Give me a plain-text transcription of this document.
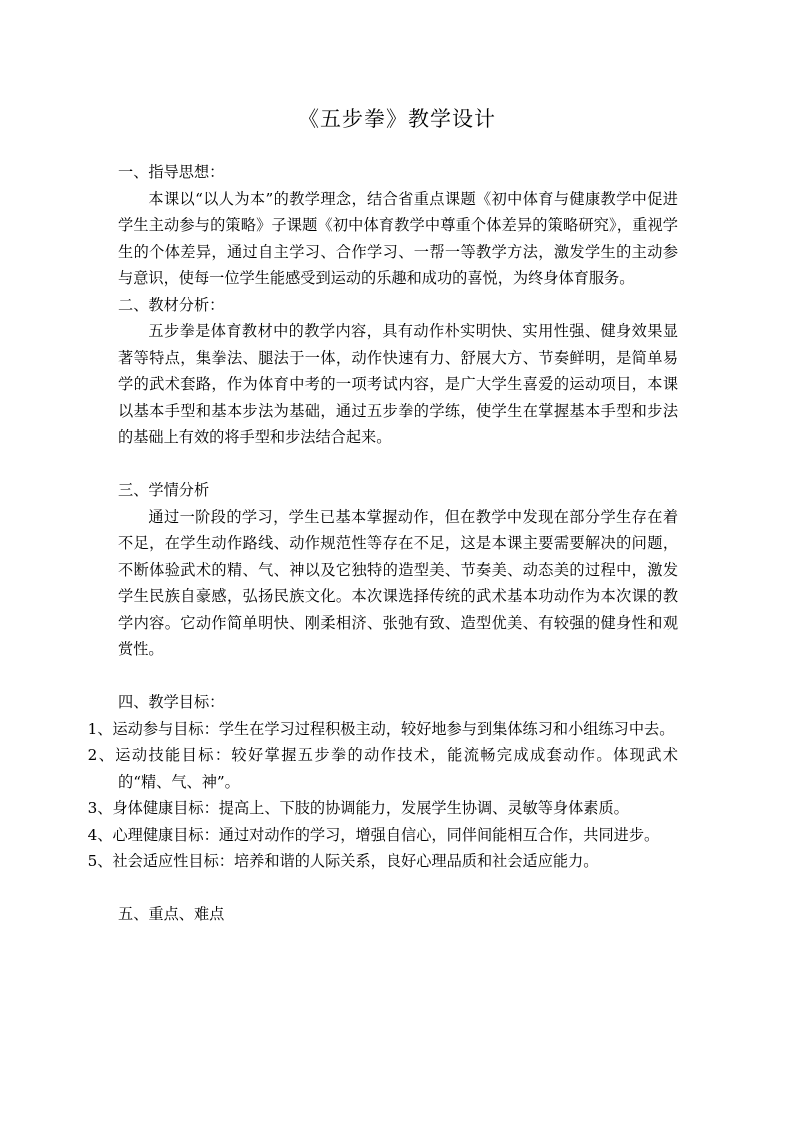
《五步拳》教学设计

一、指导思想：

本课以“以人为本”的教学理念，结合省重点课题《初中体育与健康教学中促进学生主动参与的策略》子课题《初中体育教学中尊重个体差异的策略研究》，重视学生的个体差异，通过自主学习、合作学习、一帮一等教学方法，激发学生的主动参与意识，使每一位学生能感受到运动的乐趣和成功的喜悦，为终身体育服务。

二、教材分析：

五步拳是体育教材中的教学内容，具有动作朴实明快、实用性强、健身效果显著等特点，集拳法、腿法于一体，动作快速有力、舒展大方、节奏鲜明，是简单易学的武术套路，作为体育中考的一项考试内容，是广大学生喜爱的运动项目，本课以基本手型和基本步法为基础，通过五步拳的学练，使学生在掌握基本手型和步法的基础上有效的将手型和步法结合起来。

三、学情分析

通过一阶段的学习，学生已基本掌握动作，但在教学中发现在部分学生存在着不足，在学生动作路线、动作规范性等存在不足，这是本课主要需要解决的问题，不断体验武术的精、气、神以及它独特的造型美、节奏美、动态美的过程中，激发学生民族自豪感，弘扬民族文化。本次课选择传统的武术基本功动作为本次课的教学内容。它动作简单明快、刚柔相济、张弛有致、造型优美、有较强的健身性和观赏性。

四、教学目标：

1、运动参与目标：学生在学习过程积极主动，较好地参与到集体练习和小组练习中去。

2、运动技能目标：较好掌握五步拳的动作技术，能流畅完成成套动作。体现武术的“精、气、神”。

3、身体健康目标：提高上、下肢的协调能力，发展学生协调、灵敏等身体素质。

4、心理健康目标：通过对动作的学习，增强自信心，同伴间能相互合作，共同进步。

5、社会适应性目标：培养和谐的人际关系，良好心理品质和社会适应能力。

五、重点、难点
